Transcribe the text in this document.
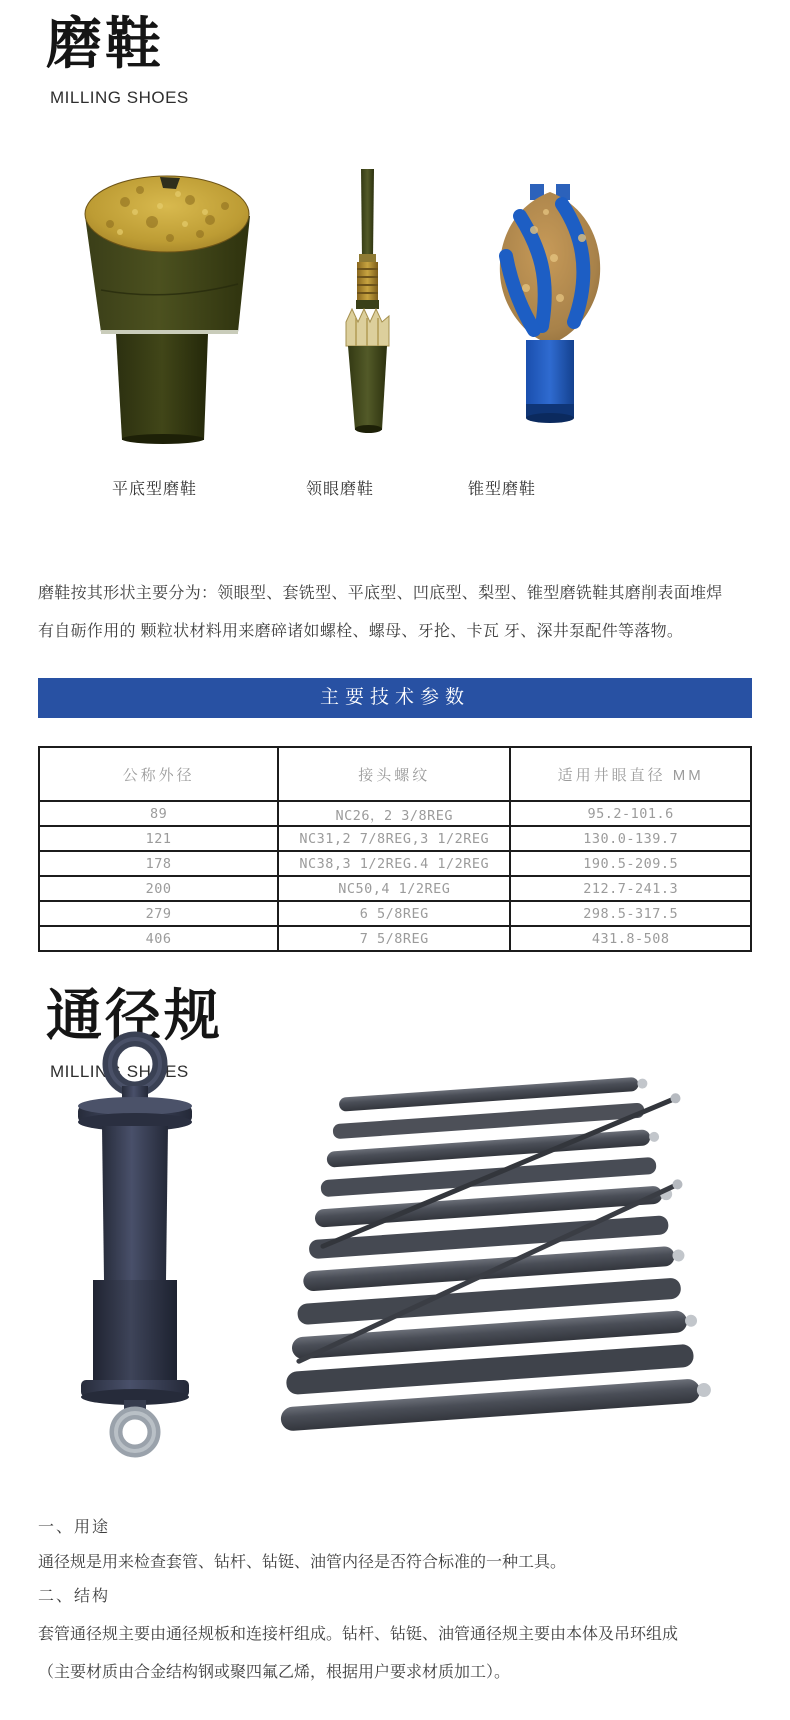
磨鞋
MILLING SHOES
平底型磨鞋	领眼磨鞋	锥型磨鞋
磨鞋按其形状主要分为：领眼型、套铣型、平底型、凹底型、梨型、锥型磨铣鞋其磨削表面堆焊
有自砺作用的 颗粒状材料用来磨碎诸如螺栓、螺母、牙抡、卡瓦 牙、深井泵配件等落物。
主要技术参数
公称外径	接头螺纹	适用井眼直径 MM
89	NC26，2 3/8REG	95.2-101.6
121	NC31,2 7/8REG,3 1/2REG	130.0-139.7
178	NC38,3 1/2REG.4 1/2REG	190.5-209.5
200	NC50,4 1/2REG	212.7-241.3
279	6 5/8REG	298.5-317.5
406	7 5/8REG	431.8-508
通径规
MILLING SHOES
一、用途
通径规是用来检查套管、钻杆、钻铤、油管内径是否符合标准的一种工具。
二、结构
套管通径规主要由通径规板和连接杆组成。钻杆、钻铤、油管通径规主要由本体及吊环组成
（主要材质由合金结构钢或聚四氟乙烯，根据用户要求材质加工）。
